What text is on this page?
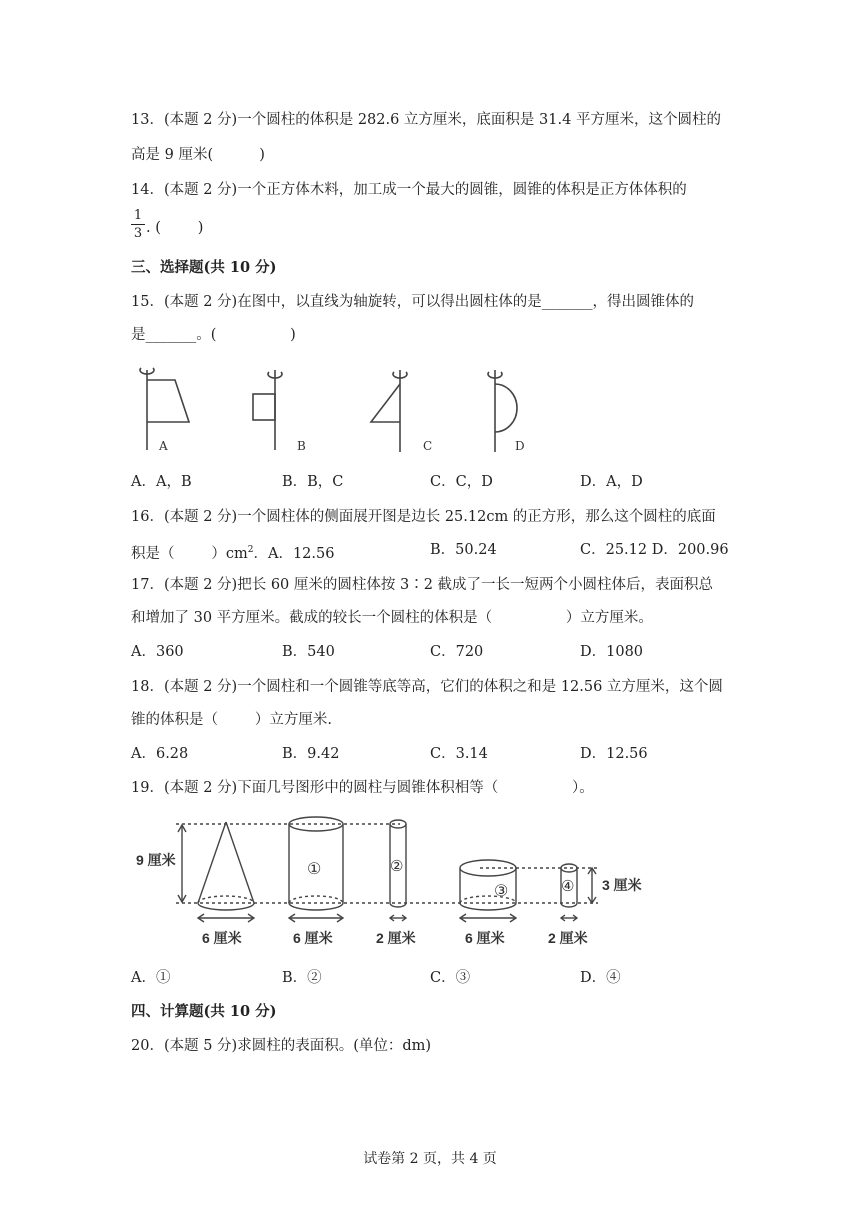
13．(本题 2 分)一个圆柱的体积是 282.6 立方厘米，底面积是 31.4 平方厘米，这个圆柱的
高是 9 厘米(          )
14．(本题 2 分)一个正方体木料，加工成一个最大的圆锥，圆锥的体积是正方体体积的
1
3 . (        )
三、选择题(共 10 分)
15．(本题 2 分)在图中，以直线为轴旋转，可以得出圆柱体的是_______，得出圆锥体的
是_______。(                )
A	B	C	D
A．A，B	B．B，C	C．C，D	D．A，D
16．(本题 2 分)一个圆柱体的侧面展开图是边长 25.12cm 的正方形，那么这个圆柱的底面
积是（        ）$cm^2$．A．12.56	B．50.24	C．25.12 D．200.96
17．(本题 2 分)把长 60 厘米的圆柱体按 3∶2 截成了一长一短两个小圆柱体后，表面积总
和增加了 30 平方厘米。截成的较长一个圆柱的体积是（                ）立方厘米。
A．360	B．540	C．720	D．1080
18．(本题 2 分)一个圆柱和一个圆锥等底等高，它们的体积之和是 12.56 立方厘米，这个圆
锥的体积是（        ）立方厘米.
A．6.28	B．9.42	C．3.14	D．12.56
19．(本题 2 分)下面几号图形中的圆柱与圆锥体积相等（                ）。
9 厘米
3 厘米
6 厘米	6 厘米	2 厘米	6 厘米	2 厘米
①	②
③	④
A．①	B．②	C．③	D．④
四、计算题(共 10 分)
20．(本题 5 分)求圆柱的表面积。(单位：dm)
试卷第 2 页，共 4 页
